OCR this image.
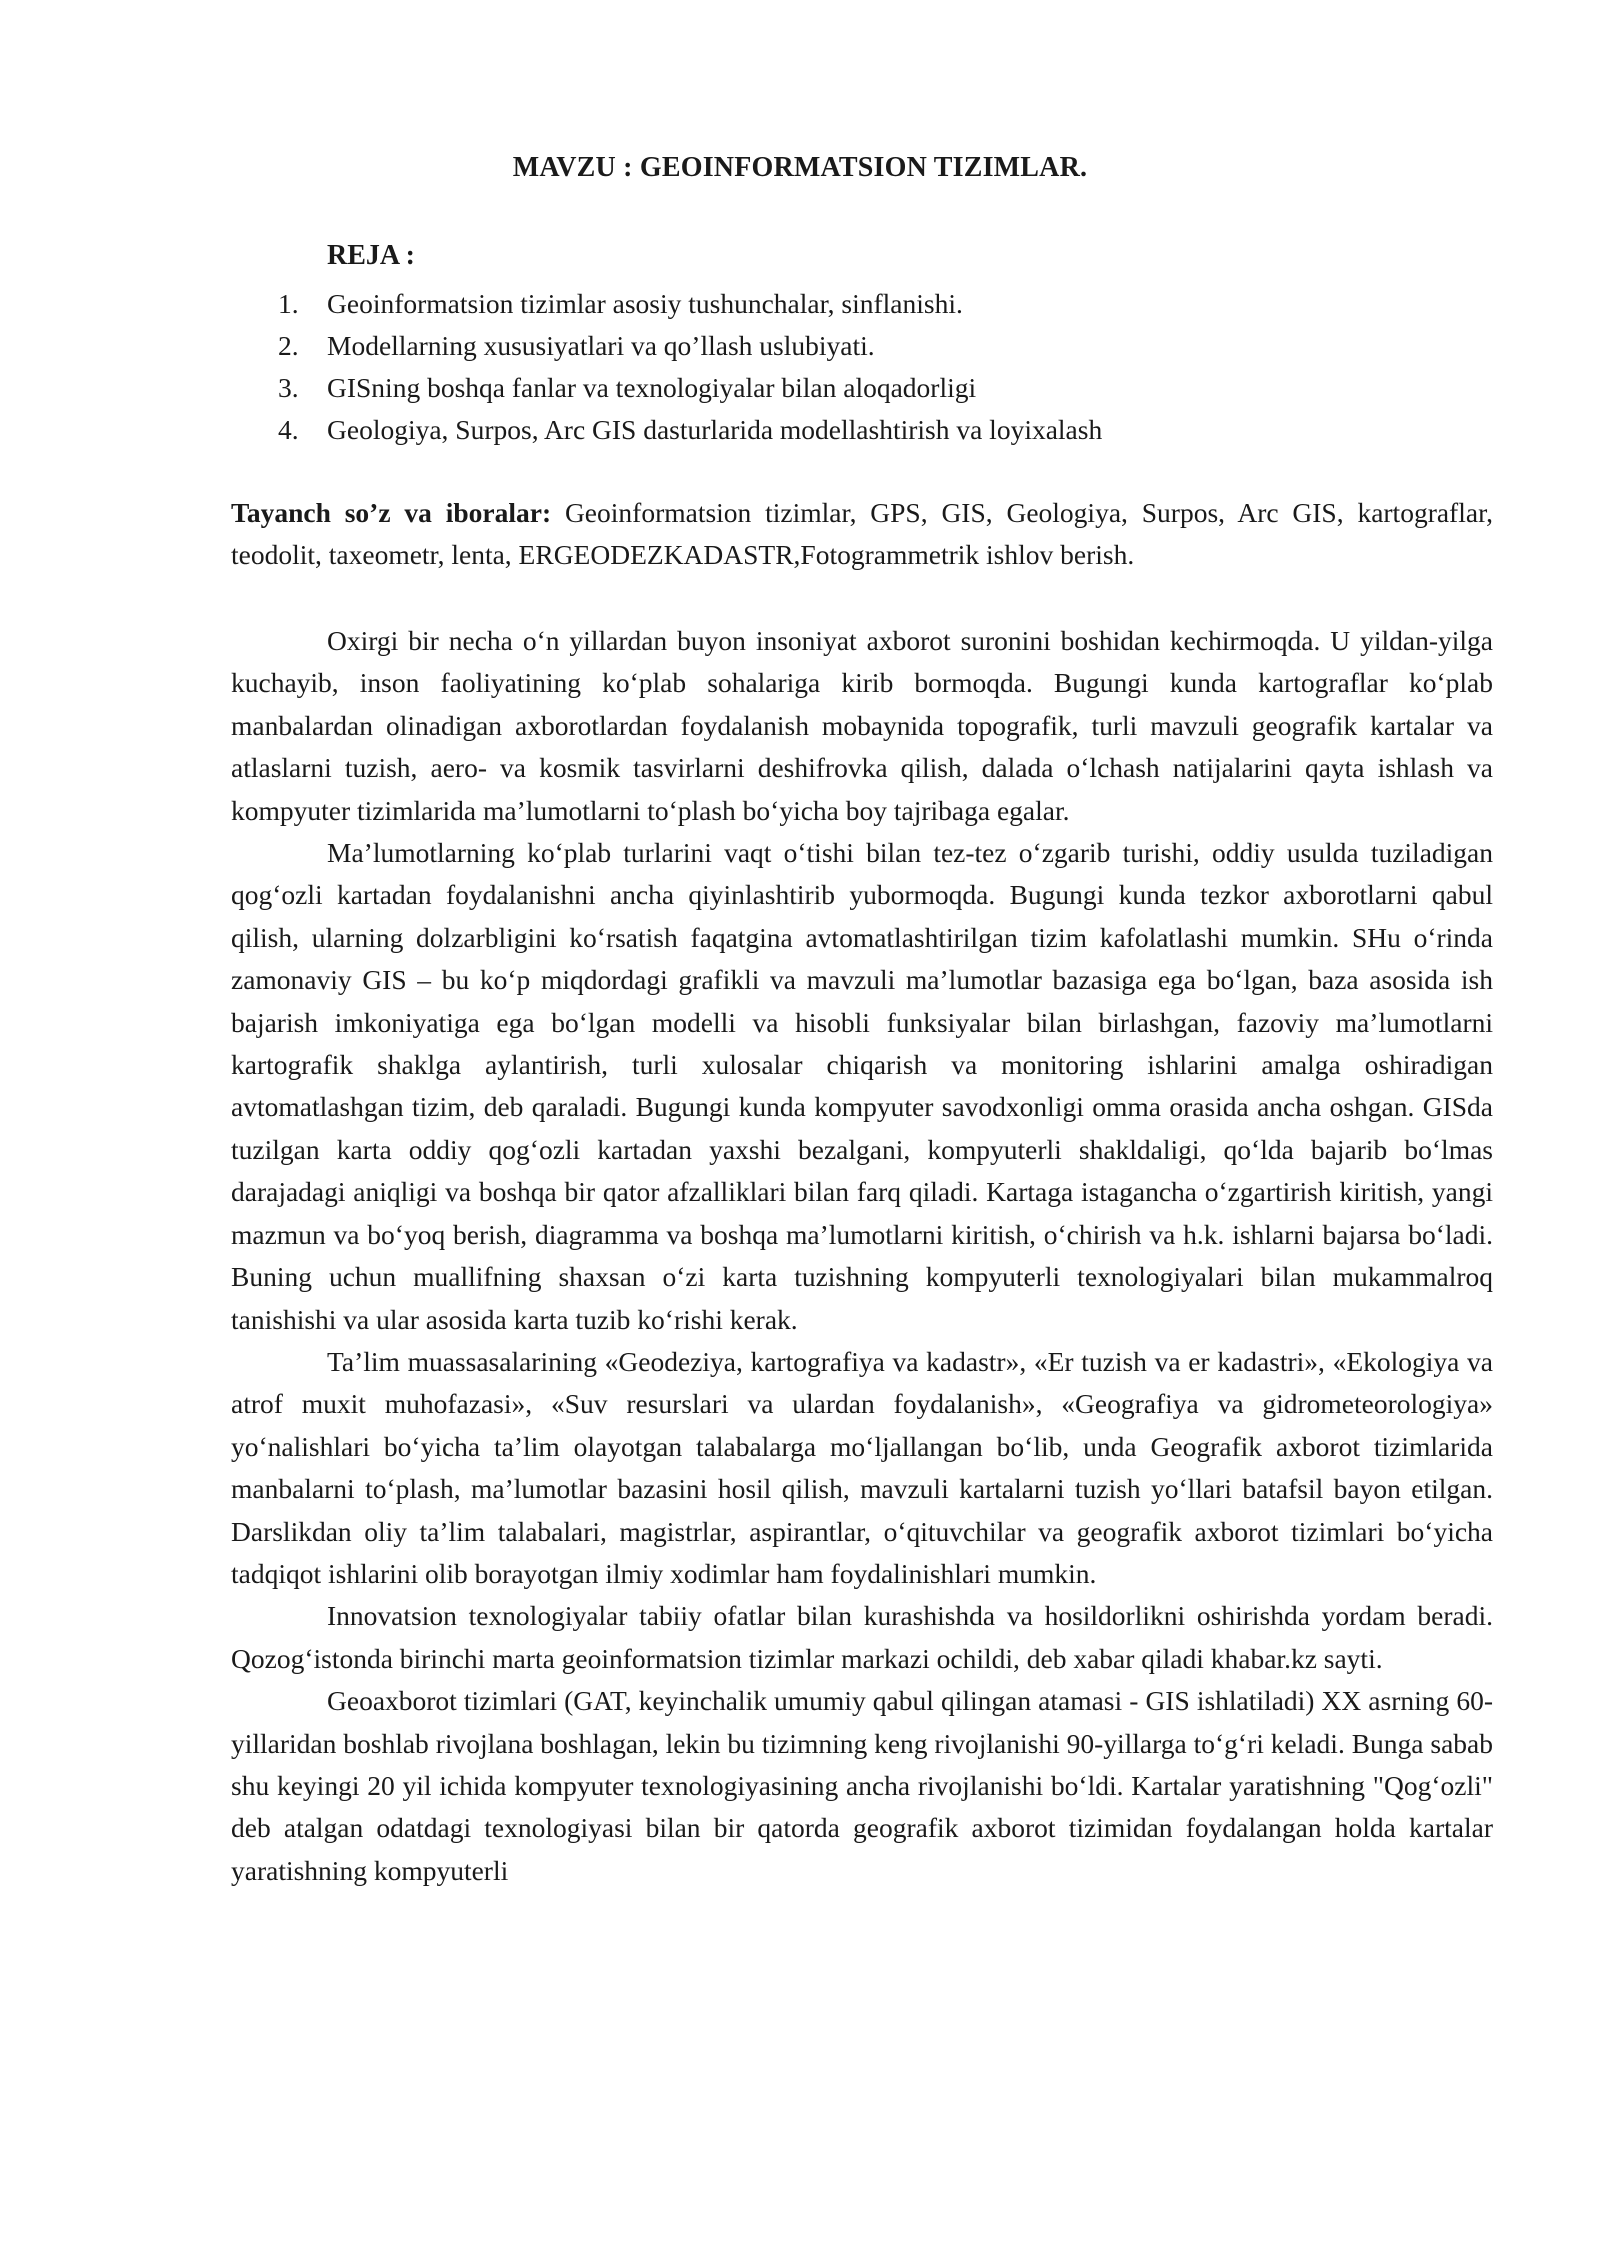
MAVZU : GEOINFORMATSION TIZIMLAR.
REJA :
1.	Geoinformatsion tizimlar asosiy tushunchalar, sinflanishi.
2.	Modellarning xususiyatlari va qo’llash uslubiyati.
3.	GISning boshqa fanlar va texnologiyalar bilan aloqadorligi
4.	Geologiya, Surpos, Arc GIS dasturlarida modellashtirish va loyixalash

Tayanch so’z va iboralar: Geoinformatsion tizimlar, GPS, GIS, Geologiya, Surpos, Arc GIS, kartograflar, teodolit, taxeometr, lenta, ERGEODEZKADASTR,Fotogrammetrik ishlov berish.

Oxirgi bir necha o‘n yillardan buyon insoniyat axborot suronini boshidan kechirmoqda. U yildan-yilga kuchayib, inson faoliyatining ko‘plab sohalariga kirib bormoqda. Bugungi kunda kartograflar ko‘plab manbalardan olinadigan axborotlardan foydalanish mobaynida topografik, turli mavzuli geografik kartalar va atlaslarni tuzish, aero- va kosmik tasvirlarni deshifrovka qilish, dalada o‘lchash natijalarini qayta ishlash va kompyuter tizimlarida ma’lumotlarni to‘plash bo‘yicha boy tajribaga egalar.

Ma’lumotlarning ko‘plab turlarini vaqt o‘tishi bilan tez-tez o‘zgarib turishi, oddiy usulda tuziladigan qog‘ozli kartadan foydalanishni ancha qiyinlashtirib yubormoqda. Bugungi kunda tezkor axborotlarni qabul qilish, ularning dolzarbligini ko‘rsatish faqatgina avtomatlashtirilgan tizim kafolatlashi mumkin. SHu o‘rinda zamonaviy GIS – bu ko‘p miqdordagi grafikli va mavzuli ma’lumotlar bazasiga ega bo‘lgan, baza asosida ish bajarish imkoniyatiga ega bo‘lgan modelli va hisobli funksiyalar bilan birlashgan, fazoviy ma’lumotlarni kartografik shaklga aylantirish, turli xulosalar chiqarish va monitoring ishlarini amalga oshiradigan avtomatlashgan tizim, deb qaraladi. Bugungi kunda kompyuter savodxonligi omma orasida ancha oshgan. GISda tuzilgan karta oddiy qog‘ozli kartadan yaxshi bezalgani, kompyuterli shakldaligi, qo‘lda bajarib bo‘lmas darajadagi aniqligi va boshqa bir qator afzalliklari bilan farq qiladi. Kartaga istagancha o‘zgartirish kiritish, yangi mazmun va bo‘yoq berish, diagramma va boshqa ma’lumotlarni kiritish, o‘chirish va h.k. ishlarni bajarsa bo‘ladi. Buning uchun muallifning shaxsan o‘zi karta tuzishning kompyuterli texnologiyalari bilan mukammalroq tanishishi va ular asosida karta tuzib ko‘rishi kerak.

Ta’lim muassasalarining «Geodeziya, kartografiya va kadastr», «Er tuzish va er kadastri», «Ekologiya va atrof muxit muhofazasi», «Suv resurslari va ulardan foydalanish», «Geografiya va gidrometeorologiya» yo‘nalishlari bo‘yicha ta’lim olayotgan talabalarga mo‘ljallangan bo‘lib, unda Geografik axborot tizimlarida manbalarni to‘plash, ma’lumotlar bazasini hosil qilish, mavzuli kartalarni tuzish yo‘llari batafsil bayon etilgan. Darslikdan oliy ta’lim talabalari, magistrlar, aspirantlar, o‘qituvchilar va geografik axborot tizimlari bo‘yicha tadqiqot ishlarini olib borayotgan ilmiy xodimlar ham foydalinishlari mumkin.

Innovatsion texnologiyalar tabiiy ofatlar bilan kurashishda va hosildorlikni oshirishda yordam beradi. Qozog‘istonda birinchi marta geoinformatsion tizimlar markazi ochildi, deb xabar qiladi khabar.kz sayti.

Geoaxborot tizimlari (GAT, keyinchalik umumiy qabul qilingan atamasi - GIS ishlatiladi) XX asrning 60-yillaridan boshlab rivojlana boshlagan, lekin bu tizimning keng rivojlanishi 90-yillarga to‘g‘ri keladi. Bunga sabab shu keyingi 20 yil ichida kompyuter texnologiyasining ancha rivojlanishi bo‘ldi. Kartalar yaratishning "Qog‘ozli" deb atalgan odatdagi texnologiyasi bilan bir qatorda geografik axborot tizimidan foydalangan holda kartalar yaratishning kompyuterli
